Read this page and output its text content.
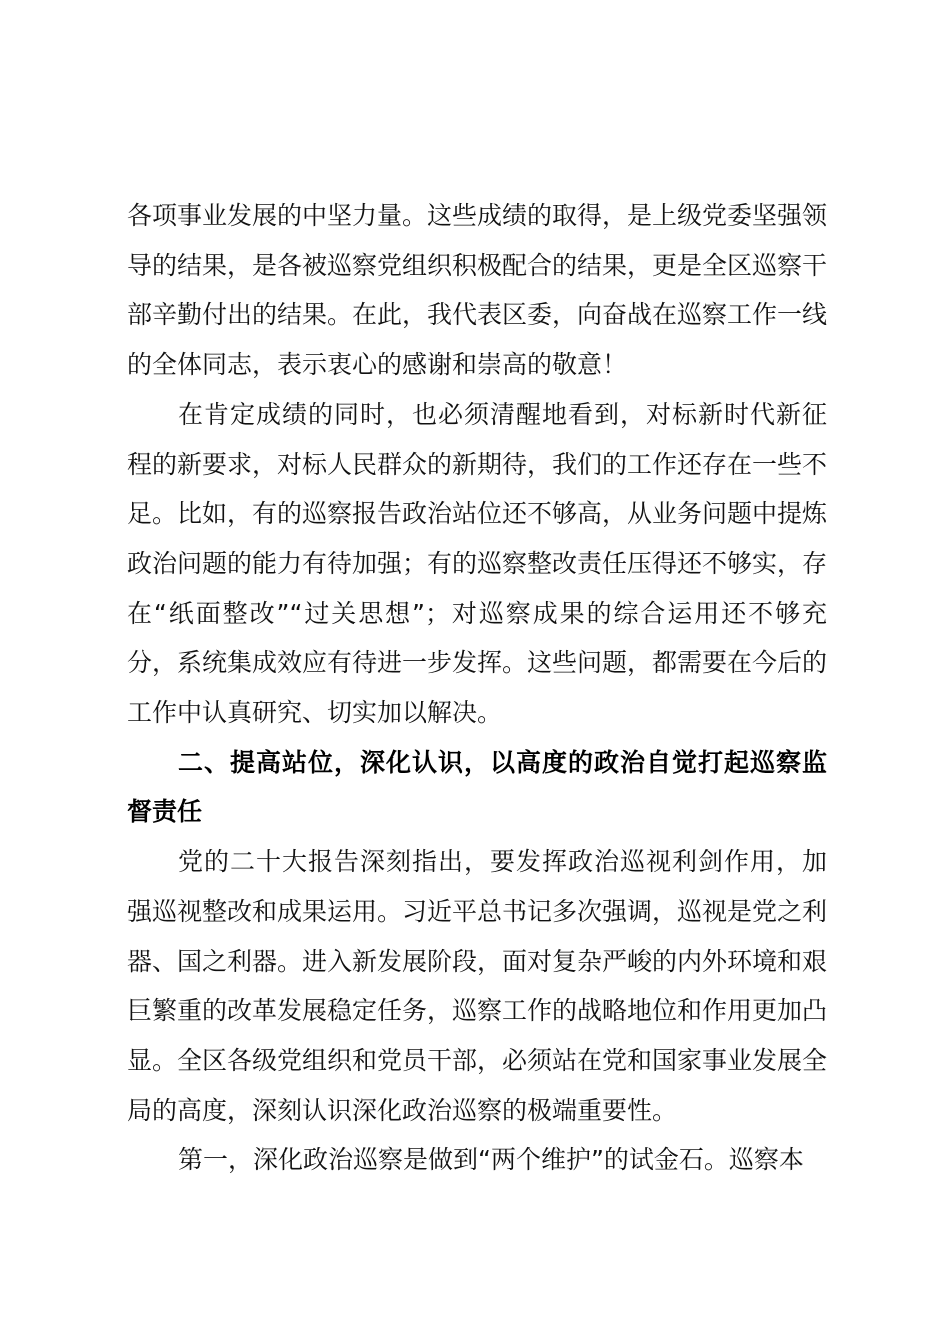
各项事业发展的中坚力量。这些成绩的取得，是上级党委坚强领导的结果，是各被巡察党组织积极配合的结果，更是全区巡察干部辛勤付出的结果。在此，我代表区委，向奋战在巡察工作一线的全体同志，表示衷心的感谢和崇高的敬意！

在肯定成绩的同时，也必须清醒地看到，对标新时代新征程的新要求，对标人民群众的新期待，我们的工作还存在一些不足。比如，有的巡察报告政治站位还不够高，从业务问题中提炼政治问题的能力有待加强；有的巡察整改责任压得还不够实，存在“纸面整改”“过关思想”；对巡察成果的综合运用还不够充分，系统集成效应有待进一步发挥。这些问题，都需要在今后的工作中认真研究、切实加以解决。

二、提高站位，深化认识，以高度的政治自觉打起巡察监督责任

党的二十大报告深刻指出，要发挥政治巡视利剑作用，加强巡视整改和成果运用。习近平总书记多次强调，巡视是党之利器、国之利器。进入新发展阶段，面对复杂严峻的内外环境和艰巨繁重的改革发展稳定任务，巡察工作的战略地位和作用更加凸显。全区各级党组织和党员干部，必须站在党和国家事业发展全局的高度，深刻认识深化政治巡察的极端重要性。

第一，深化政治巡察是做到“两个维护”的试金石。巡察本
